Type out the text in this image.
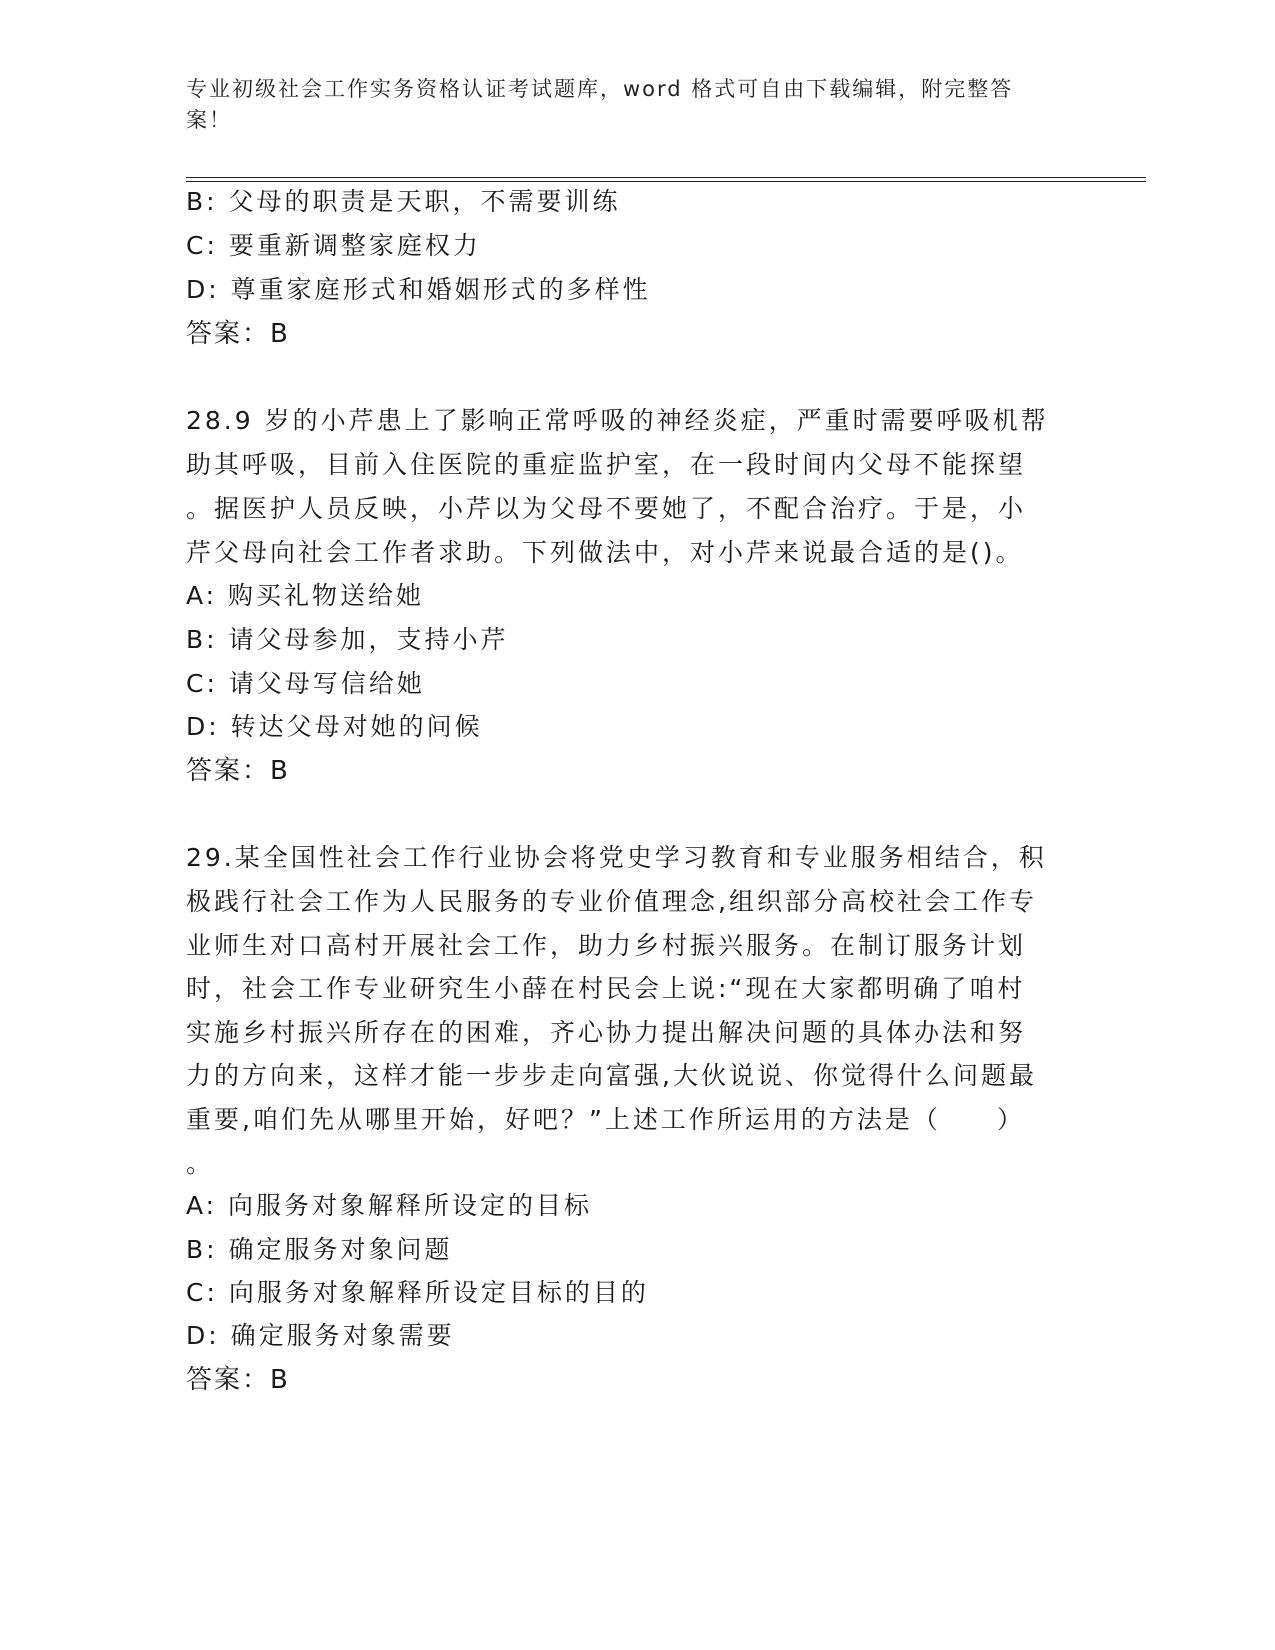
专业初级社会工作实务资格认证考试题库，word 格式可自由下载编辑，附完整答
案！
B: 父母的职责是天职，不需要训练
C: 要重新调整家庭权力
D: 尊重家庭形式和婚姻形式的多样性
答案：B
28.9 岁的小芹患上了影响正常呼吸的神经炎症，严重时需要呼吸机帮
助其呼吸，目前入住医院的重症监护室，在一段时间内父母不能探望
。据医护人员反映，小芹以为父母不要她了，不配合治疗。于是，小
芹父母向社会工作者求助。下列做法中，对小芹来说最合适的是()。
A: 购买礼物送给她
B: 请父母参加，支持小芹
C: 请父母写信给她
D: 转达父母对她的问候
答案：B
29.某全国性社会工作行业协会将党史学习教育和专业服务相结合，积
极践行社会工作为人民服务的专业价值理念,组织部分高校社会工作专
业师生对口高村开展社会工作，助力乡村振兴服务。在制订服务计划
时，社会工作专业研究生小薛在村民会上说:“现在大家都明确了咱村
实施乡村振兴所存在的困难，齐心协力提出解决问题的具体办法和努
力的方向来，这样才能一步步走向富强,大伙说说、你觉得什么问题最
重要,咱们先从哪里开始，好吧？”上述工作所运用的方法是（　　）
。
A: 向服务对象解释所设定的目标
B: 确定服务对象问题
C: 向服务对象解释所设定目标的目的
D: 确定服务对象需要
答案：B
